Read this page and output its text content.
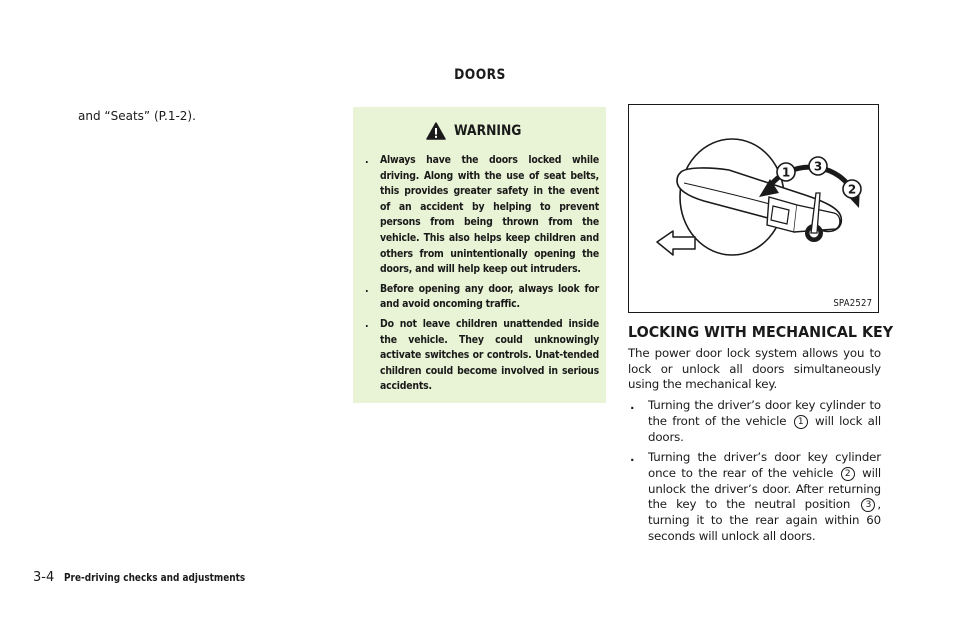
DOORS
and “Seats” (P.1-2).
WARNING
. Always have the doors locked while driving. Along with the use of seat belts, this provides greater safety in the event of an accident by helping to prevent persons from being thrown from the vehicle. This also helps keep children and others from unintentionally opening the doors, and will help keep out intruders.
. Before opening any door, always look for and avoid oncoming traffic.
. Do not leave children unattended inside the vehicle. They could unknowingly activate switches or controls. Unat-tended children could become involved in serious accidents.
1 3
2
SPA2527
LOCKING WITH MECHANICAL KEY
The power door lock system allows you to lock or unlock all doors simultaneously using the mechanical key.
. Turning the driver’s door key cylinder to the front of the vehicle 1 will lock all doors.
. Turning the driver’s door key cylinder once to the rear of the vehicle 2 will unlock the driver’s door. After returning the key to the neutral position 3 , turning it to the rear again within 60 seconds will unlock all doors.
3-4 Pre-driving checks and adjustments
